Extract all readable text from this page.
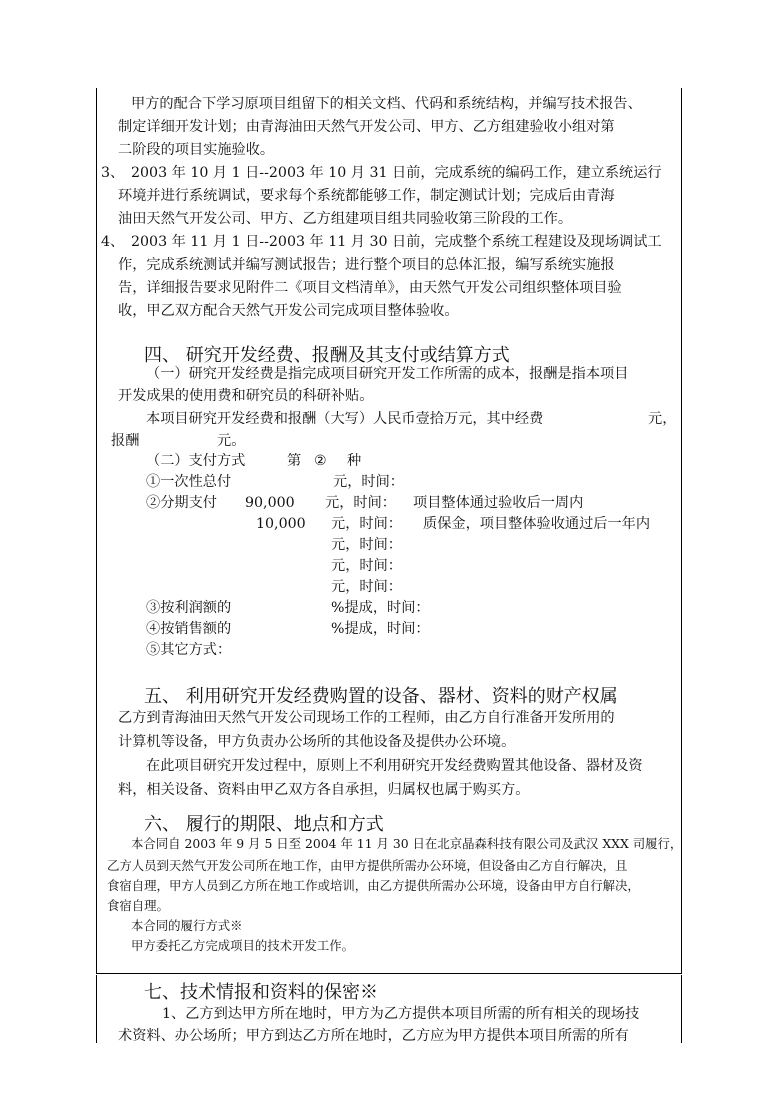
甲方的配合下学习原项目组留下的相关文档、代码和系统结构，并编写技术报告、
制定详细开发计划；由青海油田天然气开发公司、甲方、乙方组建验收小组对第
二阶段的项目实施验收。
3、 2003 年 10 月 1 日--2003 年 10 月 31 日前，完成系统的编码工作，建立系统运行
环境并进行系统调试，要求每个系统都能够工作，制定测试计划；完成后由青海
油田天然气开发公司、甲方、乙方组建项目组共同验收第三阶段的工作。
4、 2003 年 11 月 1 日--2003 年 11 月 30 日前，完成整个系统工程建设及现场调试工
作，完成系统测试并编写测试报告；进行整个项目的总体汇报，编写系统实施报
告，详细报告要求见附件二《项目文档清单》，由天然气开发公司组织整体项目验
收，甲乙双方配合天然气开发公司完成项目整体验收。
四、 研究开发经费、报酬及其支付或结算方式
（一）研究开发经费是指完成项目研究开发工作所需的成本，报酬是指本项目
开发成果的使用费和研究员的科研补贴。
本项目研究开发经费和报酬（大写）人民币壹拾万元，其中经费	元，
报酬	元。
（二）支付方式	第 ② 种
①一次性总付	元，时间：
②分期支付 90,000 元，时间： 项目整体通过验收后一周内
10,000 元，时间： 质保金，项目整体验收通过后一年内
元，时间：
元，时间：
元，时间：
③按利润额的	%提成，时间：
④按销售额的	%提成，时间：
⑤其它方式：
五、 利用研究开发经费购置的设备、器材、资料的财产权属
乙方到青海油田天然气开发公司现场工作的工程师，由乙方自行准备开发所用的
计算机等设备，甲方负责办公场所的其他设备及提供办公环境。
在此项目研究开发过程中，原则上不利用研究开发经费购置其他设备、器材及资
料，相关设备、资料由甲乙双方各自承担，归属权也属于购买方。
六、 履行的期限、地点和方式
本合同自 2003 年 9 月 5 日至 2004 年 11 月 30 日在北京晶森科技有限公司及武汉 XXX 司履行，
乙方人员到天然气开发公司所在地工作，由甲方提供所需办公环境，但设备由乙方自行解决，且
食宿自理，甲方人员到乙方所在地工作或培训，由乙方提供所需办公环境，设备由甲方自行解决，
食宿自理。
本合同的履行方式※
甲方委托乙方完成项目的技术开发工作。
七、技术情报和资料的保密※
1、乙方到达甲方所在地时，甲方为乙方提供本项目所需的所有相关的现场技
术资料、办公场所；甲方到达乙方所在地时，乙方应为甲方提供本项目所需的所有
